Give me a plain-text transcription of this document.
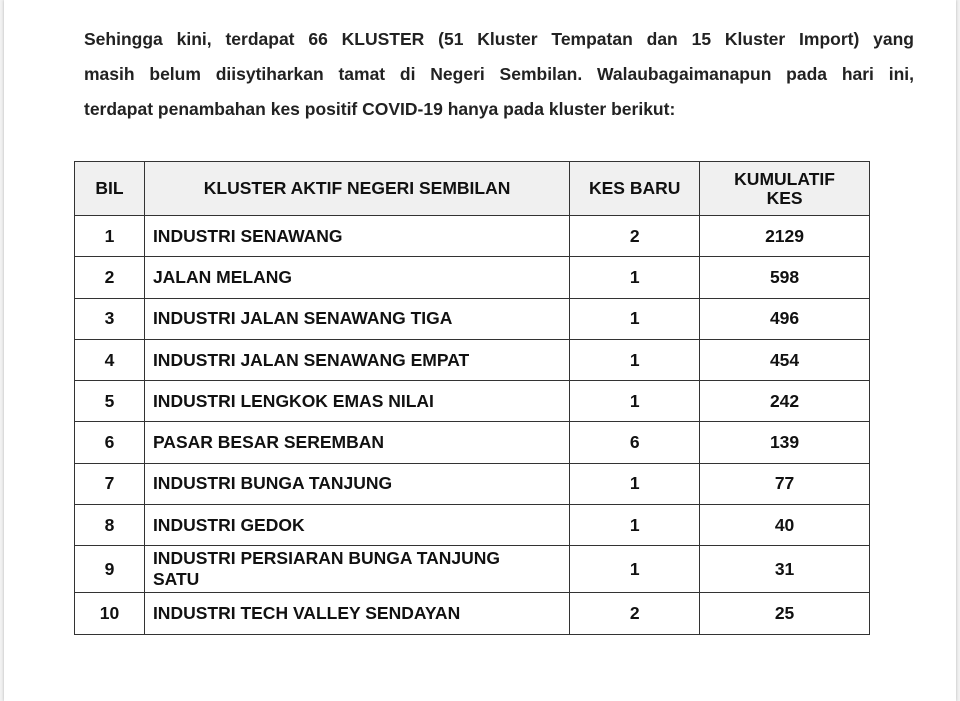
Sehingga kini, terdapat 66 KLUSTER (51 Kluster Tempatan dan 15 Kluster Import) yang
masih belum diisytiharkan tamat di Negeri Sembilan. Walaubagaimanapun pada hari ini,
terdapat penambahan kes positif COVID-19 hanya pada kluster berikut:

BIL	KLUSTER AKTIF NEGERI SEMBILAN	KES BARU	KUMULATIF
KES

1	INDUSTRI SENAWANG	2	2129
2	JALAN MELANG	1	598
3	INDUSTRI JALAN SENAWANG TIGA	1	496
4	INDUSTRI JALAN SENAWANG EMPAT	1	454
5	INDUSTRI LENGKOK EMAS NILAI	1	242
6	PASAR BESAR SEREMBAN	6	139
7	INDUSTRI BUNGA TANJUNG	1	77
8	INDUSTRI GEDOK	1	40
9	INDUSTRI PERSIARAN BUNGA TANJUNG
SATU	1	31
10	INDUSTRI TECH VALLEY SENDAYAN	2	25
